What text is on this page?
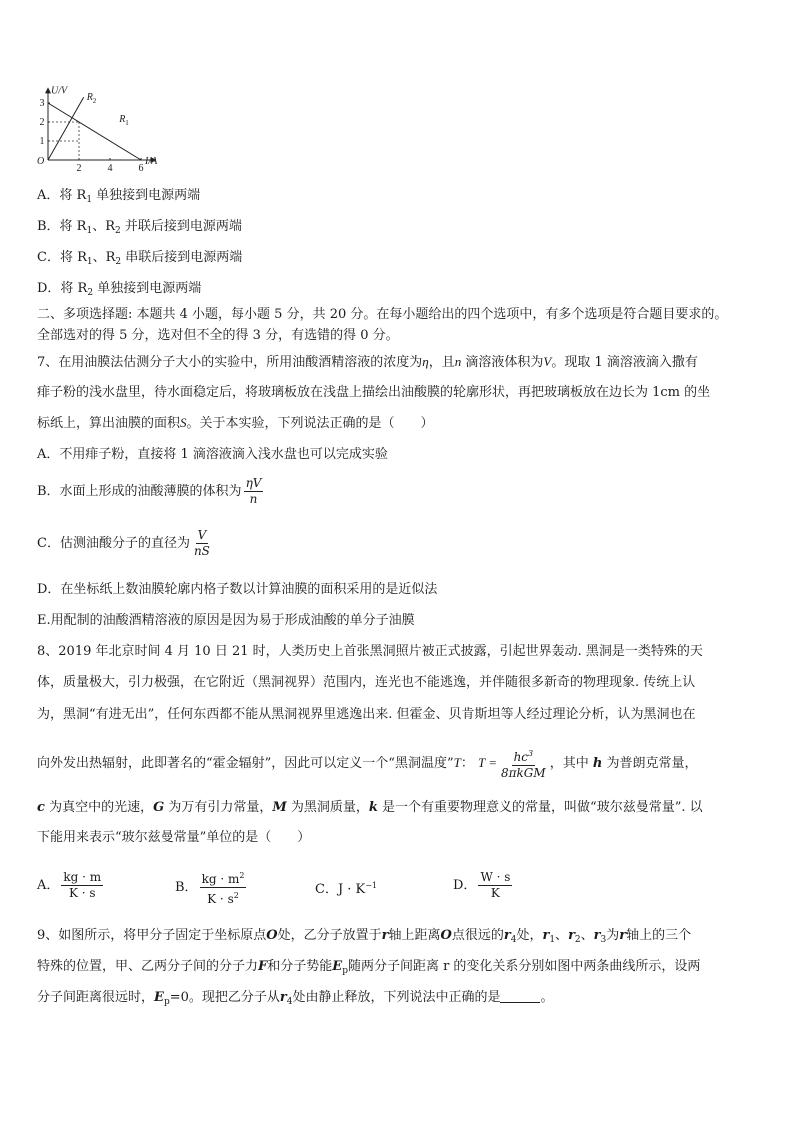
U/V
I/A
O
2	4	6
1
2
3
R 2
R 1
A．将 $R_1$ 单独接到电源两端
B．将 $R_1$、$R_2$ 并联后接到电源两端
C．将 $R_1$、$R_2$ 串联后接到电源两端
D．将 $R_2$ 单独接到电源两端
二、多项选择题: 本题共 4 小题，每小题 5 分，共 20 分。在每小题给出的四个选项中，有多个选项是符合题目要求的。
全部选对的得 5 分，选对但不全的得 3 分，有选错的得 0 分。
7、在用油膜法估测分子大小的实验中，所用油酸酒精溶液的浓度为η，且n 滴溶液体积为V。现取 1 滴溶液滴入撒有
痱子粉的浅水盘里，待水面稳定后，将玻璃板放在浅盘上描绘出油酸膜的轮廓形状，再把玻璃板放在边长为 1cm 的坐
标纸上，算出油膜的面积S。关于本实验，下列说法正确的是（　　）
A．不用痱子粉，直接将 1 滴溶液滴入浅水盘也可以完成实验
B．水面上形成的油酸薄膜的体积为 $\frac{\eta V}{n}$
C．估测油酸分子的直径为 $\frac{V}{nS}$
D．在坐标纸上数油膜轮廓内格子数以计算油膜的面积采用的是近似法
E.用配制的油酸酒精溶液的原因是因为易于形成油酸的单分子油膜
8、2019 年北京时间 4 月 10 日 21 时，人类历史上首张黑洞照片被正式披露，引起世界轰动. 黑洞是一类特殊的天
体，质量极大，引力极强，在它附近（黑洞视界）范围内，连光也不能逃逸，并伴随很多新奇的物理现象. 传统上认
为，黑洞“有进无出”，任何东西都不能从黑洞视界里逃逸出来. 但霍金、贝肯斯坦等人经过理论分析，认为黑洞也在
向外发出热辐射，此即著名的“霍金辐射”，因此可以定义一个“黑洞温度”T： $T = \frac{hc^3}{\text{8πkGM}}$ ，其中 h 为普朗克常量，
c 为真空中的光速，G 为万有引力常量，M 为黑洞质量，k 是一个有重要物理意义的常量，叫做“玻尔兹曼常量”. 以
下能用来表示“玻尔兹曼常量”单位的是（　　）
A． $\frac{kg \cdot m}{K \cdot s}$	B． $\frac{kg \cdot m^2}{K \cdot s^2}$	C．$J \cdot K^{-1}$	D． $\frac{W \cdot s}{K}$
9、如图所示，将甲分子固定于坐标原点O处，乙分子放置于r轴上距离O点很远的$r_4$处，$r_1$、$r_2$、$r_3$为r轴上的三个
特殊的位置，甲、乙两分子间的分子力F和分子势能$E_p$随两分子间距离 r 的变化关系分别如图中两条曲线所示，设两
分子间距离很远时，$E_p=0$。现把乙分子从$r_4$处由静止释放，下列说法中正确的是	。
